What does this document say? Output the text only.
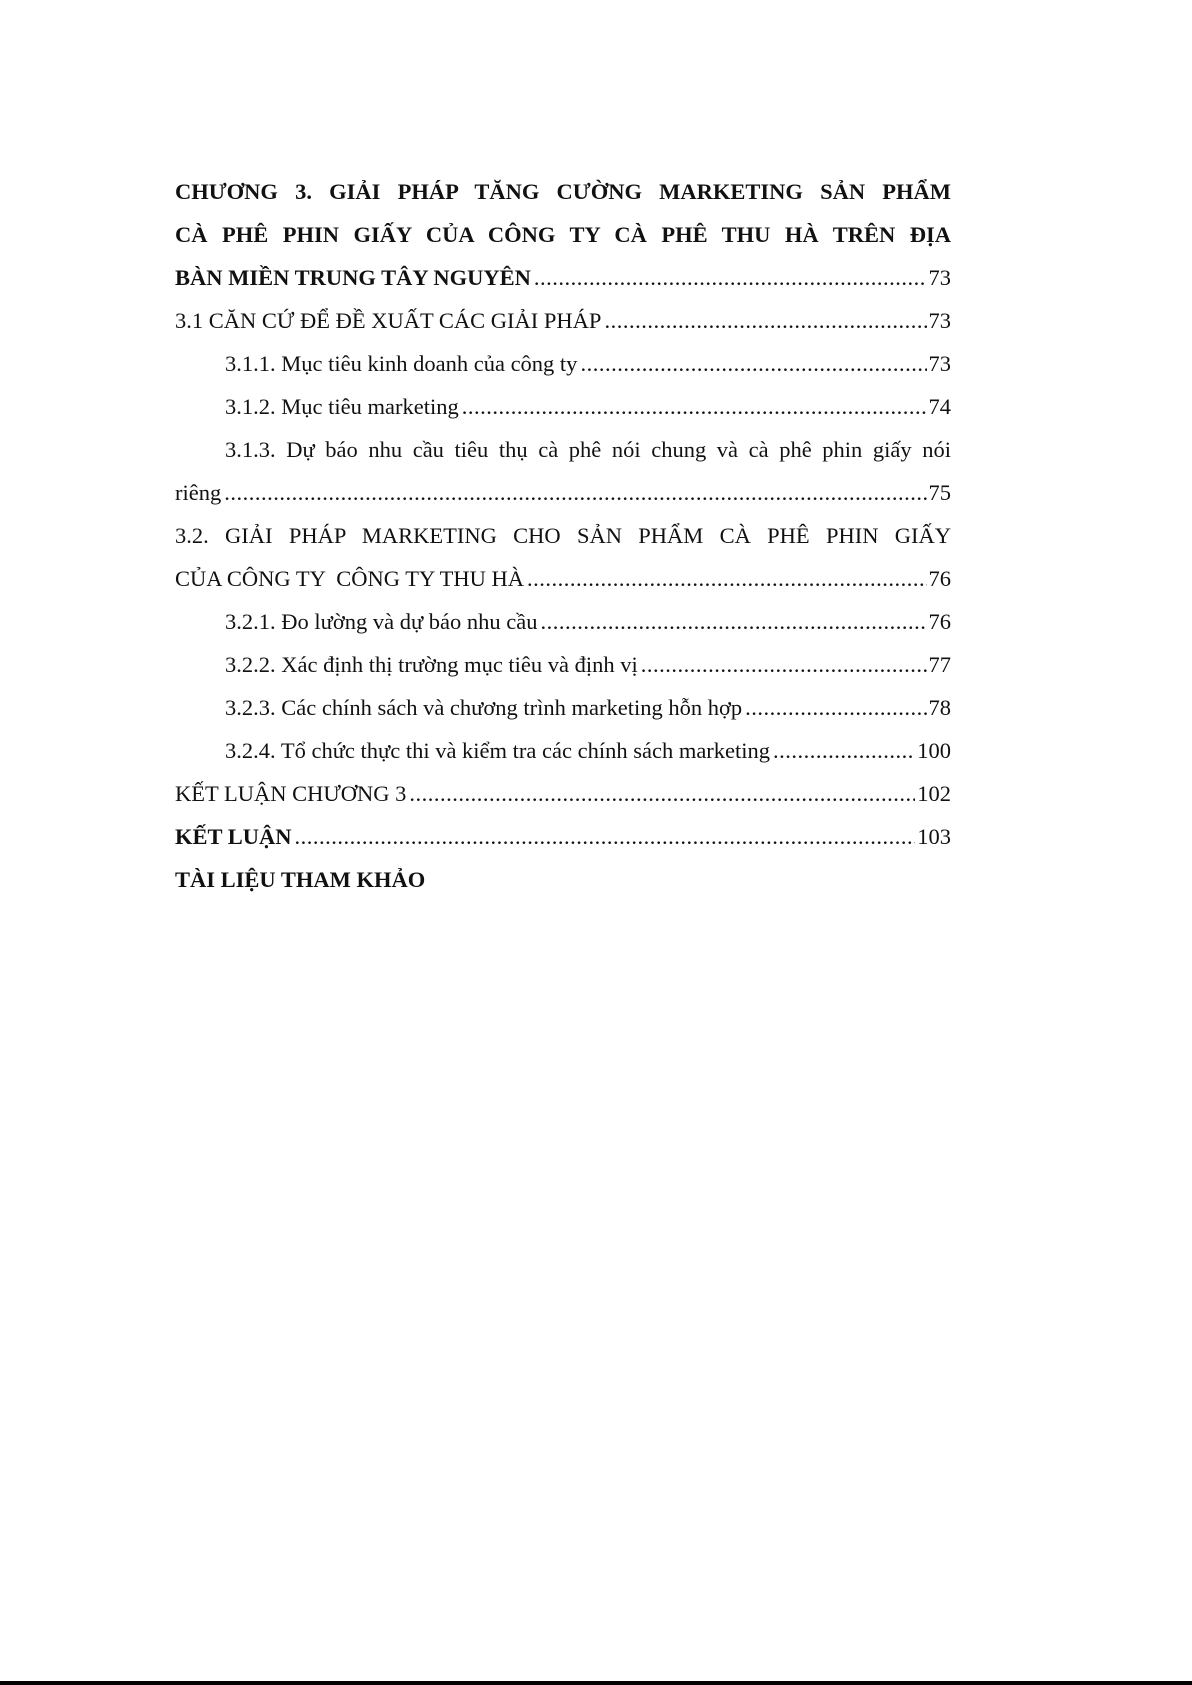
CHƯƠNG 3. GIẢI PHÁP TĂNG CƯỜNG MARKETING SẢN PHẨM
CÀ PHÊ PHIN GIẤY CỦA CÔNG TY CÀ PHÊ THU HÀ TRÊN ĐỊA
BÀN MIỀN TRUNG TÂY NGUYÊN .....	73
3.1 CĂN CỨ ĐỂ ĐỀ XUẤT CÁC GIẢI PHÁP .....	73
3.1.1. Mục tiêu kinh doanh của công ty .....	73
3.1.2. Mục tiêu marketing .....	74
3.1.3. Dự báo nhu cầu tiêu thụ cà phê nói chung và cà phê phin giấy nói
riêng .....	75
3.2. GIẢI PHÁP MARKETING CHO SẢN PHẨM CÀ PHÊ PHIN GIẤY
CỦA CÔNG TY  CÔNG TY THU HÀ .....	76
3.2.1. Đo lường và dự báo nhu cầu .....	76
3.2.2. Xác định thị trường mục tiêu và định vị .....	77
3.2.3. Các chính sách và chương trình marketing hỗn hợp .....	78
3.2.4. Tổ chức thực thi và kiểm tra các chính sách marketing .....	100
KẾT LUẬN CHƯƠNG 3 .....	102
KẾT LUẬN .....	103
TÀI LIỆU THAM KHẢO
